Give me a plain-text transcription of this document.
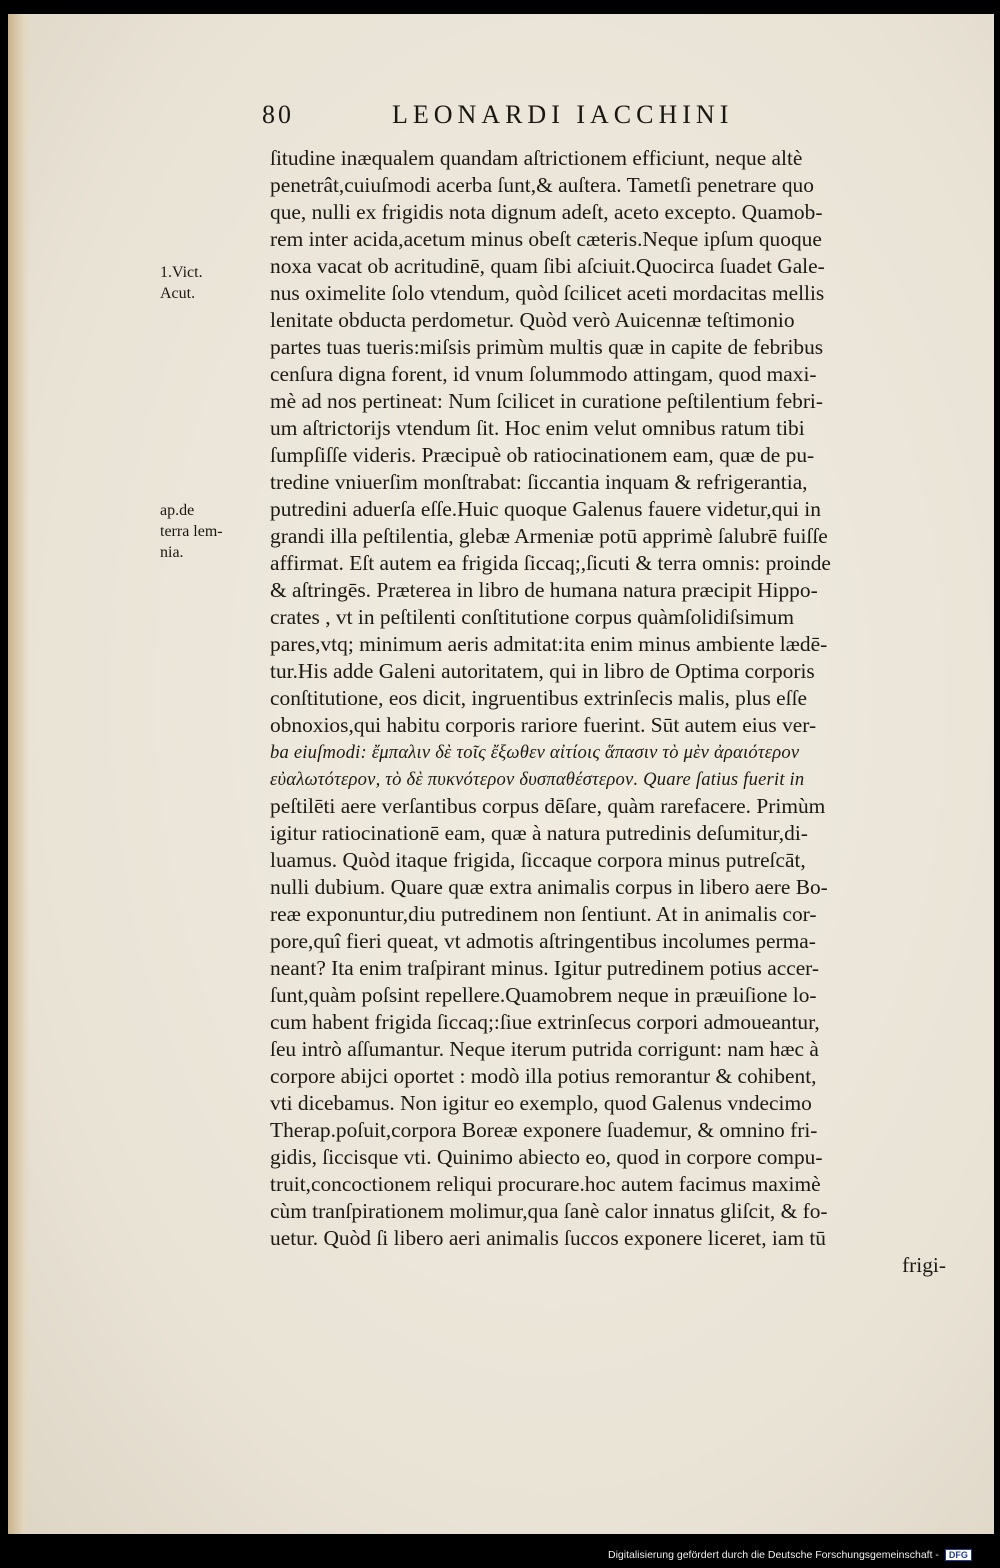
80	LEONARDI IACCHINI
1.Vict.
Acut.
ap.de
terra lem-
nia.
ſitudine inæqualem quandam aſtrictionem efficiunt, neque altè
penetrât,cuiuſmodi acerba ſunt,& auſtera. Tametſi penetrare quo
que, nulli ex frigidis nota dignum adeſt, aceto excepto. Quamob-
rem inter acida,acetum minus obeſt cæteris.Neque ipſum quoque
noxa vacat ob acritudinē, quam ſibi aſciuit.Quocirca ſuadet Gale-
nus oximelite ſolo vtendum, quòd ſcilicet aceti mordacitas mellis
lenitate obducta perdometur. Quòd verò Auicennæ teſtimonio
partes tuas tueris:miſsis primùm multis quæ in capite de febribus
cenſura digna forent, id vnum ſolummodo attingam, quod maxi-
mè ad nos pertineat: Num ſcilicet in curatione peſtilentium febri-
um aſtrictorijs vtendum ſit. Hoc enim velut omnibus ratum tibi
ſumpſiſſe videris. Præcipuè ob ratiocinationem eam, quæ de pu-
tredine vniuerſim monſtrabat: ſiccantia inquam & refrigerantia,
putredini aduerſa eſſe.Huic quoque Galenus fauere videtur,qui in
grandi illa peſtilentia, glebæ Armeniæ potū apprimè ſalubrē fuiſſe
affirmat. Eſt autem ea frigida ſiccaq;,ſicuti & terra omnis: proinde
& aſtringēs. Præterea in libro de humana natura præcipit Hippo-
crates , vt in peſtilenti conſtitutione corpus quàmſolidiſsimum
pares,vtq; minimum aeris admitat:ita enim minus ambiente lædē-
tur.His adde Galeni autoritatem, qui in libro de Optima corporis
conſtitutione, eos dicit, ingruentibus extrinſecis malis, plus eſſe
obnoxios,qui habitu corporis rariore fuerint. Sūt autem eius ver-
ba eiuſmodi: ἔμπαλιν δὲ τοῖς ἔξωθεν αἰτίοις ἅπασιν τὸ μὲν ἀραιότερον
εὐαλωτότερον, τὸ δὲ πυκνότερον δυσπαθέστερον. Quare ſatius fuerit in
peſtilēti aere verſantibus corpus dēſare, quàm rarefacere. Primùm
igitur ratiocinationē eam, quæ à natura putredinis deſumitur,di-
luamus. Quòd itaque frigida, ſiccaque corpora minus putreſcāt,
nulli dubium. Quare quæ extra animalis corpus in libero aere Bo-
reæ exponuntur,diu putredinem non ſentiunt. At in animalis cor-
pore,quî fieri queat, vt admotis aſtringentibus incolumes perma-
neant? Ita enim traſpirant minus. Igitur putredinem potius accer-
ſunt,quàm poſsint repellere.Quamobrem neque in præuiſione lo-
cum habent frigida ſiccaq;:ſiue extrinſecus corpori admoueantur,
ſeu intrò aſſumantur. Neque iterum putrida corrigunt: nam hæc à
corpore abijci oportet : modò illa potius remorantur & cohibent,
vti dicebamus. Non igitur eo exemplo, quod Galenus vndecimo
Therap.poſuit,corpora Boreæ exponere ſuademur, & omnino fri-
gidis, ſiccisque vti. Quinimo abiecto eo, quod in corpore compu-
truit,concoctionem reliqui procurare.hoc autem facimus maximè
cùm tranſpirationem molimur,qua ſanè calor innatus gliſcit, & fo-
uetur. Quòd ſi libero aeri animalis ſuccos exponere liceret, iam tū
frigi-
Digitalisierung gefördert durch die Deutsche Forschungsgemeinschaft - DFG
